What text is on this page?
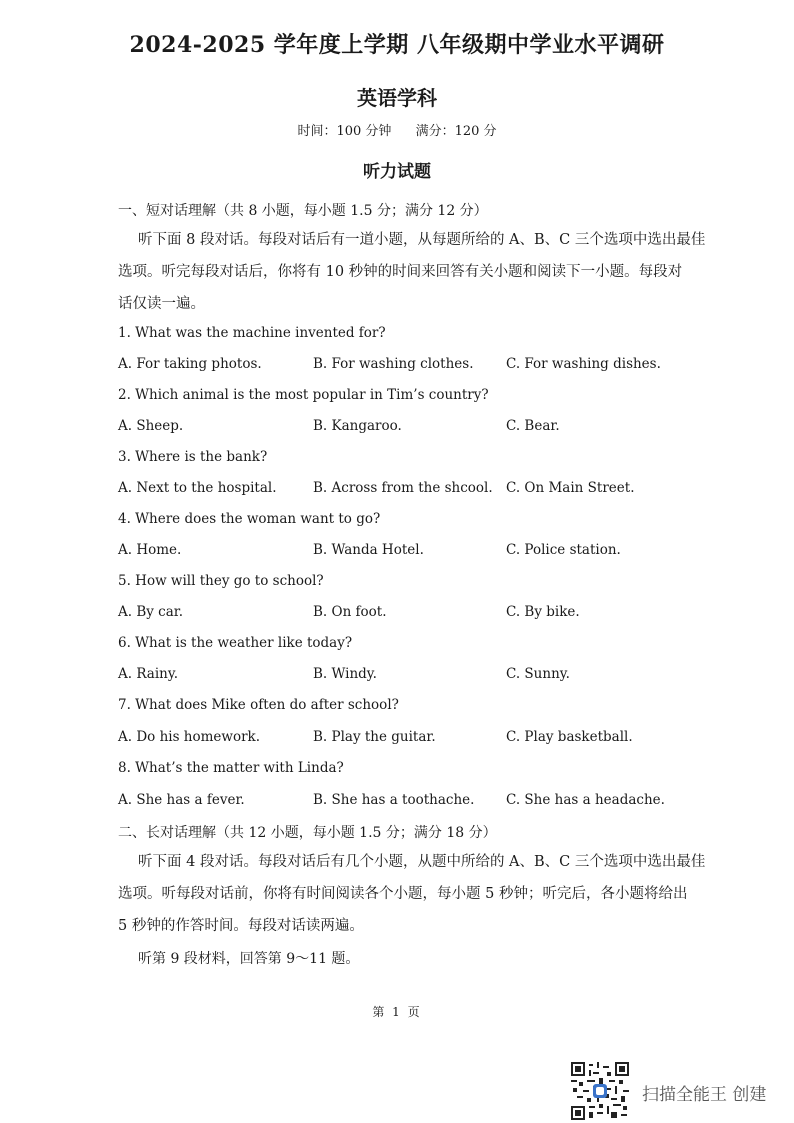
2024-2025 学年度上学期 八年级期中学业水平调研
英语学科
时间：100 分钟 满分：120 分
听力试题
一、短对话理解（共 8 小题，每小题 1.5 分；满分 12 分）
听下面 8 段对话。每段对话后有一道小题，从每题所给的 A、B、C 三个选项中选出最佳
选项。听完每段对话后，你将有 10 秒钟的时间来回答有关小题和阅读下一小题。每段对
话仅读一遍。
1. What was the machine invented for?
A. For taking photos.	B. For washing clothes. C. For washing dishes.
2. Which animal is the most popular in Tim’s country?
A. Sheep.	B. Kangaroo.	C. Bear.
3. Where is the bank?
A. Next to the hospital.	B. Across from the shcool. C. On Main Street.
4. Where does the woman want to go?
A. Home.	B. Wanda Hotel.	C. Police station.
5. How will they go to school?
A. By car.	B. On foot.	C. By bike.
6. What is the weather like today?
A. Rainy.	B. Windy.	C. Sunny.
7. What does Mike often do after school?
A. Do his homework.	B. Play the guitar.	C. Play basketball.
8. What’s the matter with Linda?
A. She has a fever.	B. She has a toothache. C. She has a headache.
二、长对话理解（共 12 小题，每小题 1.5 分；满分 18 分）
听下面 4 段对话。每段对话后有几个小题，从题中所给的 A、B、C 三个选项中选出最佳
选项。听每段对话前，你将有时间阅读各个小题，每小题 5 秒钟；听完后，各小题将给出
5 秒钟的作答时间。每段对话读两遍。
听第 9 段材料，回答第 9～11 题。
第 1 页
扫描全能王 创建
